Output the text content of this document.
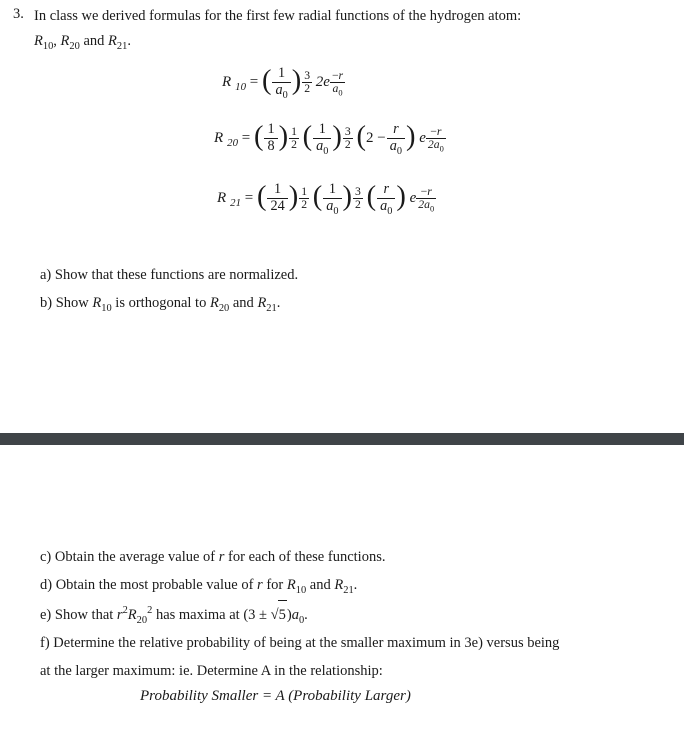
3. In class we derived formulas for the first few radial functions of the hydrogen atom:
$R_{10}$, $R_{20}$ and $R_{21}$.
R $_{10}$ = ( $\frac{1}{a_0}$ ) $\frac{3}{2} 2e \frac{-r}{a_0}$
R $_{20}$ = ( $\frac{1}{8}$ ) $\frac{1}{2}$ ( $\frac{1}{a_0}$ ) $\frac{3}{2} (2 - \frac{r}{a_0}$ ) e $\frac{-r}{2a_0}$
R $_{21}$ = ( $\frac{1}{24}$ ) $\frac{1}{2}$ ( $\frac{1}{a_0}$ ) $\frac{3}{2}$ ( $\frac{r}{a_0}$ ) e $\frac{-r}{2a_0}$
a) Show that these functions are normalized.
b) Show $R_{10}$ is orthogonal to $R_{20}$ and $R_{21}$.
c) Obtain the average value of r for each of these functions.
d) Obtain the most probable value of r for $R_{10}$ and $R_{21}$.
e) Show that $r^2R_{20}^2$ has maxima at $(3 \pm √5)a_0$.
f) Determine the relative probability of being at the smaller maximum in 3e) versus being
at the larger maximum: ie. Determine A in the relationship:
Probability Smaller = A (Probability Larger)
